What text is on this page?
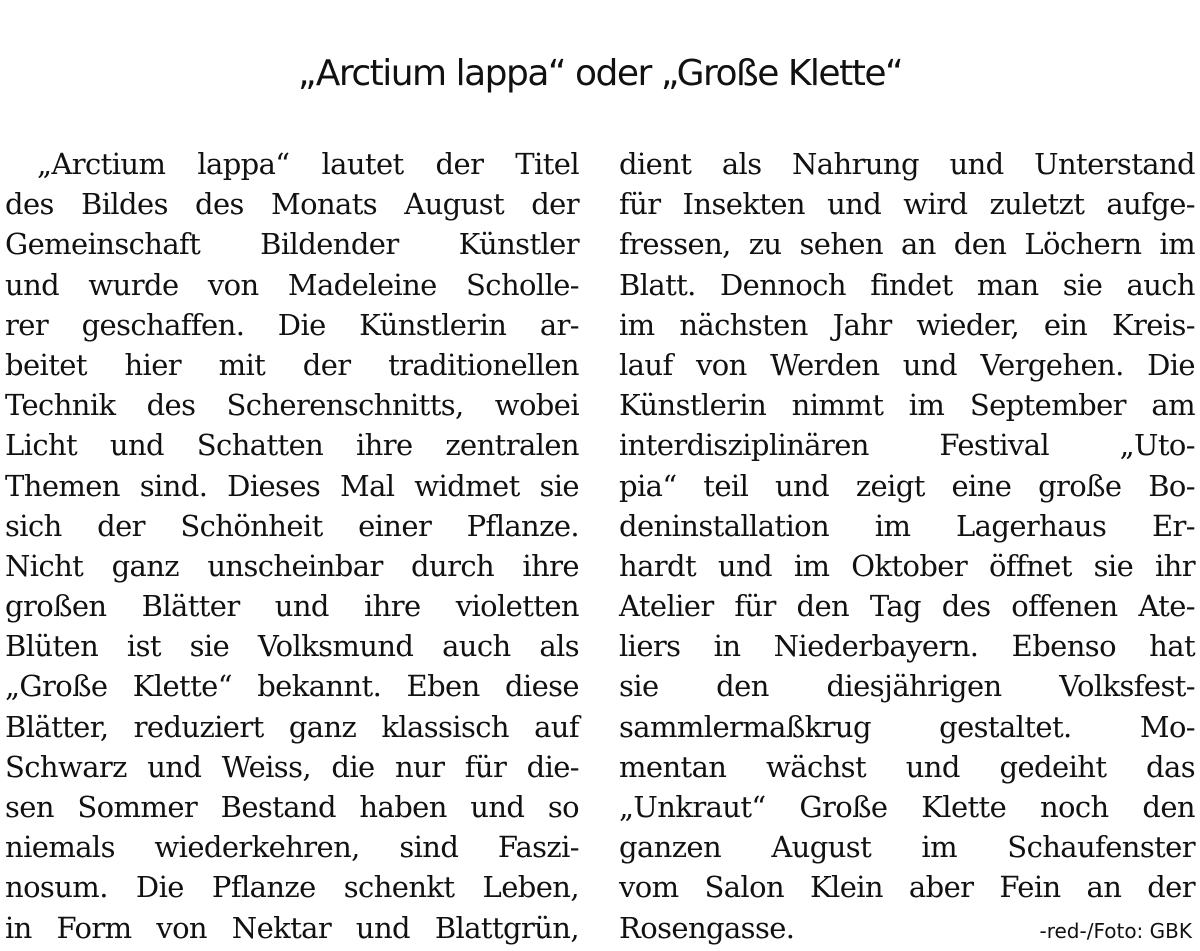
„Arctium lappa“ oder „Große Klette“
„Arctium lappa“ lautet der Titel
des Bildes des Monats August der
Gemeinschaft Bildender Künstler
und wurde von Madeleine Scholle-
rer geschaffen. Die Künstlerin ar-
beitet hier mit der traditionellen
Technik des Scherenschnitts, wobei
Licht und Schatten ihre zentralen
Themen sind. Dieses Mal widmet sie
sich der Schönheit einer Pflanze.
Nicht ganz unscheinbar durch ihre
großen Blätter und ihre violetten
Blüten ist sie Volksmund auch als
„Große Klette“ bekannt. Eben diese
Blätter, reduziert ganz klassisch auf
Schwarz und Weiss, die nur für die-
sen Sommer Bestand haben und so
niemals wiederkehren, sind Faszi-
nosum. Die Pflanze schenkt Leben,
in Form von Nektar und Blattgrün,
dient als Nahrung und Unterstand
für Insekten und wird zuletzt aufge-
fressen, zu sehen an den Löchern im
Blatt. Dennoch findet man sie auch
im nächsten Jahr wieder, ein Kreis-
lauf von Werden und Vergehen. Die
Künstlerin nimmt im September am
interdisziplinären Festival „Uto-
pia“ teil und zeigt eine große Bo-
deninstallation im Lagerhaus Er-
hardt und im Oktober öffnet sie ihr
Atelier für den Tag des offenen Ate-
liers in Niederbayern. Ebenso hat
sie den diesjährigen Volksfest-
sammlermaßkrug gestaltet. Mo-
mentan wächst und gedeiht das
„Unkraut“ Große Klette noch den
ganzen August im Schaufenster
vom Salon Klein aber Fein an der
Rosengasse.	-red-/Foto: GBK
